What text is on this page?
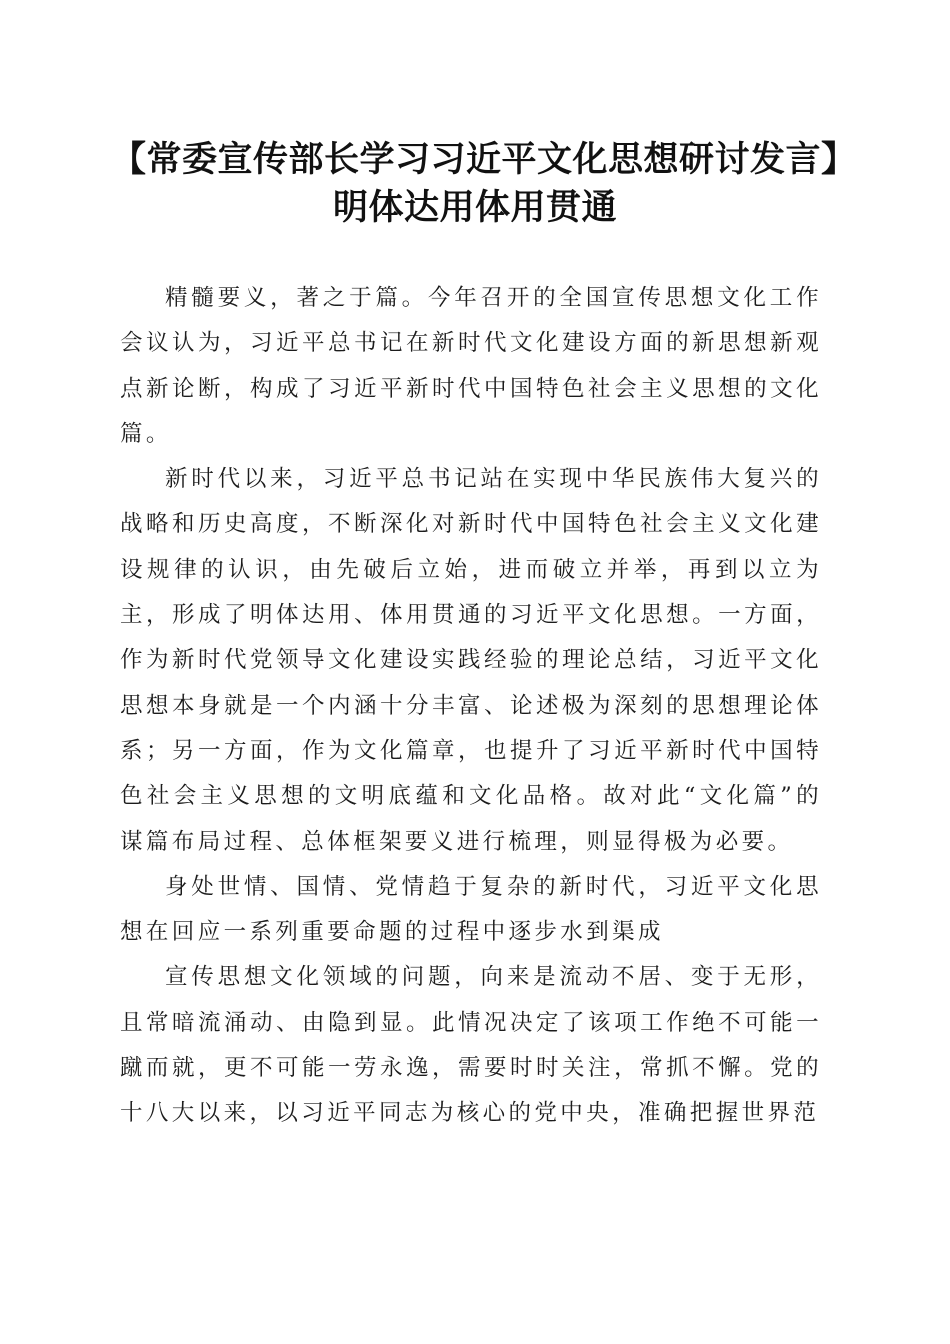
【常委宣传部长学习习近平文化思想研讨发言】明体达用体用贯通

精髓要义，著之于篇。今年召开的全国宣传思想文化工作会议认为，习近平总书记在新时代文化建设方面的新思想新观点新论断，构成了习近平新时代中国特色社会主义思想的文化篇。

新时代以来，习近平总书记站在实现中华民族伟大复兴的战略和历史高度，不断深化对新时代中国特色社会主义文化建设规律的认识，由先破后立始，进而破立并举，再到以立为主，形成了明体达用、体用贯通的习近平文化思想。一方面，作为新时代党领导文化建设实践经验的理论总结，习近平文化思想本身就是一个内涵十分丰富、论述极为深刻的思想理论体系；另一方面，作为文化篇章，也提升了习近平新时代中国特色社会主义思想的文明底蕴和文化品格。故对此“文化篇”的谋篇布局过程、总体框架要义进行梳理，则显得极为必要。

身处世情、国情、党情趋于复杂的新时代，习近平文化思想在回应一系列重要命题的过程中逐步水到渠成

宣传思想文化领域的问题，向来是流动不居、变于无形，且常暗流涌动、由隐到显。此情况决定了该项工作绝不可能一蹴而就，更不可能一劳永逸，需要时时关注，常抓不懈。党的十八大以来，以习近平同志为核心的党中央，准确把握世界范
